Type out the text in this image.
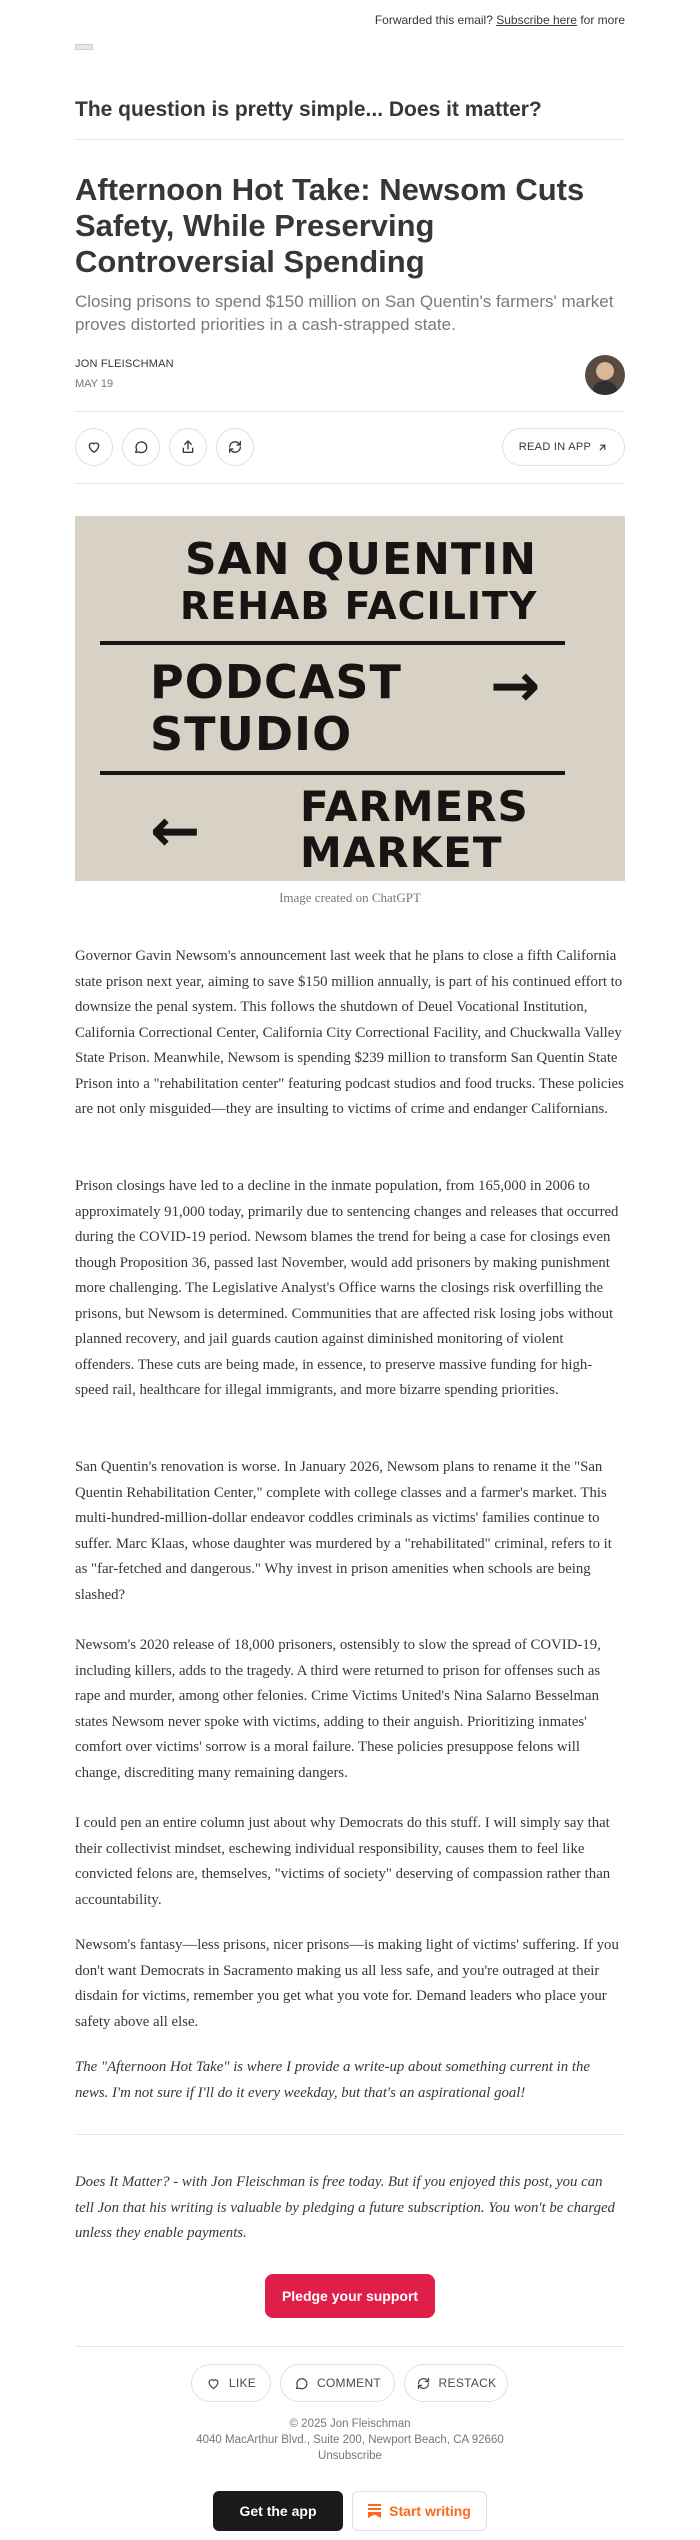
Forwarded this email? Subscribe here for more
The question is pretty simple... Does it matter?
Afternoon Hot Take: Newsom Cuts Safety, While Preserving Controversial Spending
Closing prisons to spend $150 million on San Quentin's farmers' market proves distorted priorities in a cash-strapped state.
JON FLEISCHMAN
MAY 19
READ IN APP
SAN QUENTIN
REHAB FACILITY
PODCAST
STUDIO
→
FARMERS
MARKET
←
Image created on ChatGPT

Governor Gavin Newsom's announcement last week that he plans to close a fifth California state prison next year, aiming to save $150 million annually, is part of his continued effort to downsize the penal system. This follows the shutdown of Deuel Vocational Institution, California Correctional Center, California City Correctional Facility, and Chuckwalla Valley State Prison. Meanwhile, Newsom is spending $239 million to transform San Quentin State Prison into a "rehabilitation center" featuring podcast studios and food trucks. These policies are not only misguided—they are insulting to victims of crime and endanger Californians.

Prison closings have led to a decline in the inmate population, from 165,000 in 2006 to approximately 91,000 today, primarily due to sentencing changes and releases that occurred during the COVID-19 period. Newsom blames the trend for being a case for closings even though Proposition 36, passed last November, would add prisoners by making punishment more challenging. The Legislative Analyst's Office warns the closings risk overfilling the prisons, but Newsom is determined. Communities that are affected risk losing jobs without planned recovery, and jail guards caution against diminished monitoring of violent offenders. These cuts are being made, in essence, to preserve massive funding for high-speed rail, healthcare for illegal immigrants, and more bizarre spending priorities.

San Quentin's renovation is worse. In January 2026, Newsom plans to rename it the "San Quentin Rehabilitation Center," complete with college classes and a farmer's market. This multi-hundred-million-dollar endeavor coddles criminals as victims' families continue to suffer. Marc Klaas, whose daughter was murdered by a "rehabilitated" criminal, refers to it as "far-fetched and dangerous." Why invest in prison amenities when schools are being slashed?

Newsom's 2020 release of 18,000 prisoners, ostensibly to slow the spread of COVID-19, including killers, adds to the tragedy. A third were returned to prison for offenses such as rape and murder, among other felonies. Crime Victims United's Nina Salarno Besselman states Newsom never spoke with victims, adding to their anguish. Prioritizing inmates' comfort over victims' sorrow is a moral failure. These policies presuppose felons will change, discrediting many remaining dangers.

I could pen an entire column just about why Democrats do this stuff. I will simply say that their collectivist mindset, eschewing individual responsibility, causes them to feel like convicted felons are, themselves, "victims of society" deserving of compassion rather than accountability.

Newsom's fantasy—less prisons, nicer prisons—is making light of victims' suffering. If you don't want Democrats in Sacramento making us all less safe, and you're outraged at their disdain for victims, remember you get what you vote for. Demand leaders who place your safety above all else.

The "Afternoon Hot Take" is where I provide a write-up about something current in the news. I'm not sure if I'll do it every weekday, but that's an aspirational goal!

Does It Matter? - with Jon Fleischman is free today. But if you enjoyed this post, you can tell Jon that his writing is valuable by pledging a future subscription. You won't be charged unless they enable payments.

Pledge your support
LIKE	COMMENT	RESTACK
© 2025 Jon Fleischman
4040 MacArthur Blvd., Suite 200, Newport Beach, CA 92660
Unsubscribe
Get the app	Start writing
